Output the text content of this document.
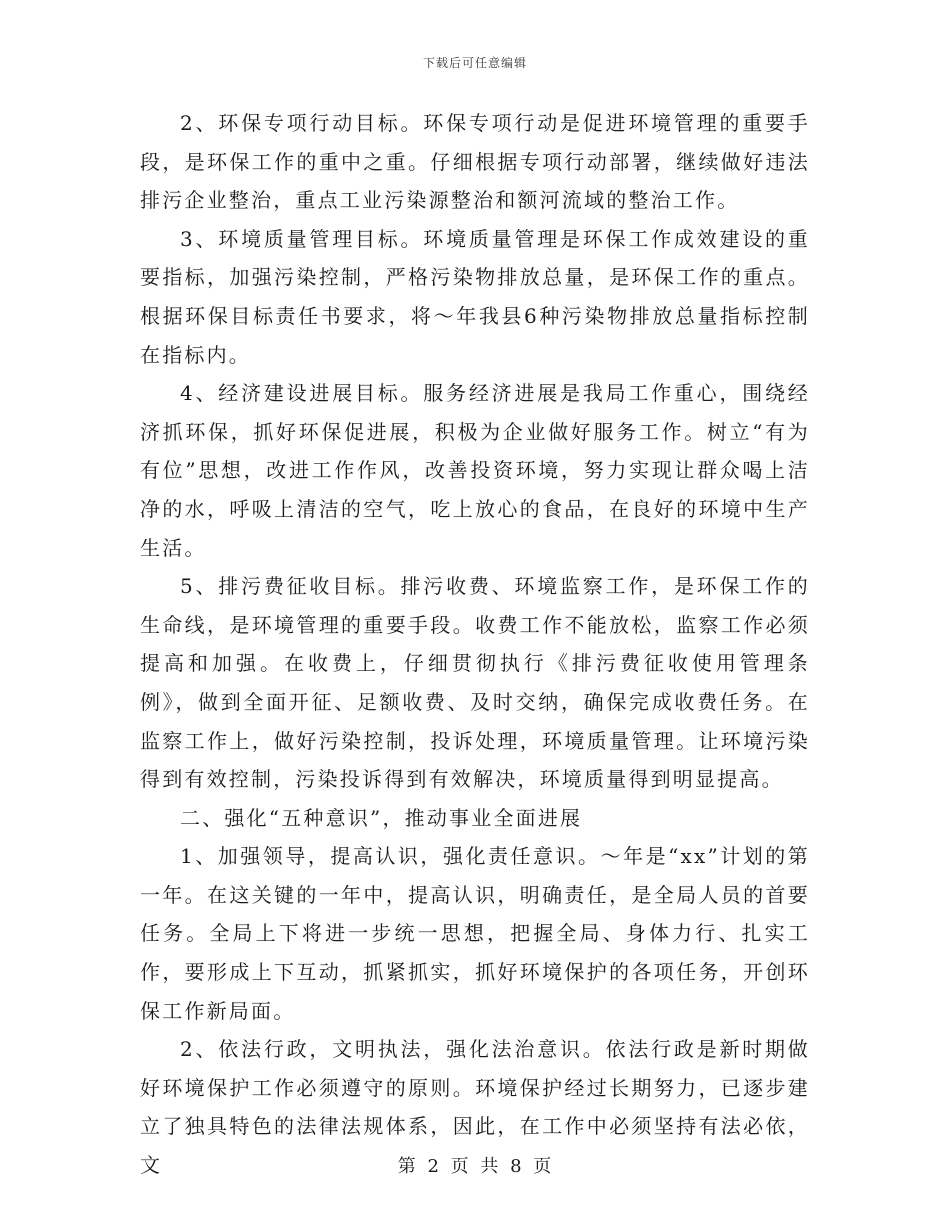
下载后可任意编辑

2、环保专项行动目标。环保专项行动是促进环境管理的重要手段，是环保工作的重中之重。仔细根据专项行动部署，继续做好违法排污企业整治，重点工业污染源整治和额河流域的整治工作。

3、环境质量管理目标。环境质量管理是环保工作成效建设的重要指标，加强污染控制，严格污染物排放总量，是环保工作的重点。根据环保目标责任书要求，将～年我县6种污染物排放总量指标控制在指标内。

4、经济建设进展目标。服务经济进展是我局工作重心，围绕经济抓环保，抓好环保促进展，积极为企业做好服务工作。树立“有为有位”思想，改进工作作风，改善投资环境，努力实现让群众喝上洁净的水，呼吸上清洁的空气，吃上放心的食品，在良好的环境中生产生活。

5、排污费征收目标。排污收费、环境监察工作，是环保工作的生命线，是环境管理的重要手段。收费工作不能放松，监察工作必须提高和加强。在收费上，仔细贯彻执行《排污费征收使用管理条例》，做到全面开征、足额收费、及时交纳，确保完成收费任务。在监察工作上，做好污染控制，投诉处理，环境质量管理。让环境污染得到有效控制，污染投诉得到有效解决，环境质量得到明显提高。

二、强化“五种意识”，推动事业全面进展

1、加强领导，提高认识，强化责任意识。～年是“xx”计划的第一年。在这关键的一年中，提高认识，明确责任，是全局人员的首要任务。全局上下将进一步统一思想，把握全局、身体力行、扎实工作，要形成上下互动，抓紧抓实，抓好环境保护的各项任务，开创环保工作新局面。

2、依法行政，文明执法，强化法治意识。依法行政是新时期做好环境保护工作必须遵守的原则。环境保护经过长期努力，已逐步建立了独具特色的法律法规体系，因此，在工作中必须坚持有法必依，文	第 2 页 共 8 页
